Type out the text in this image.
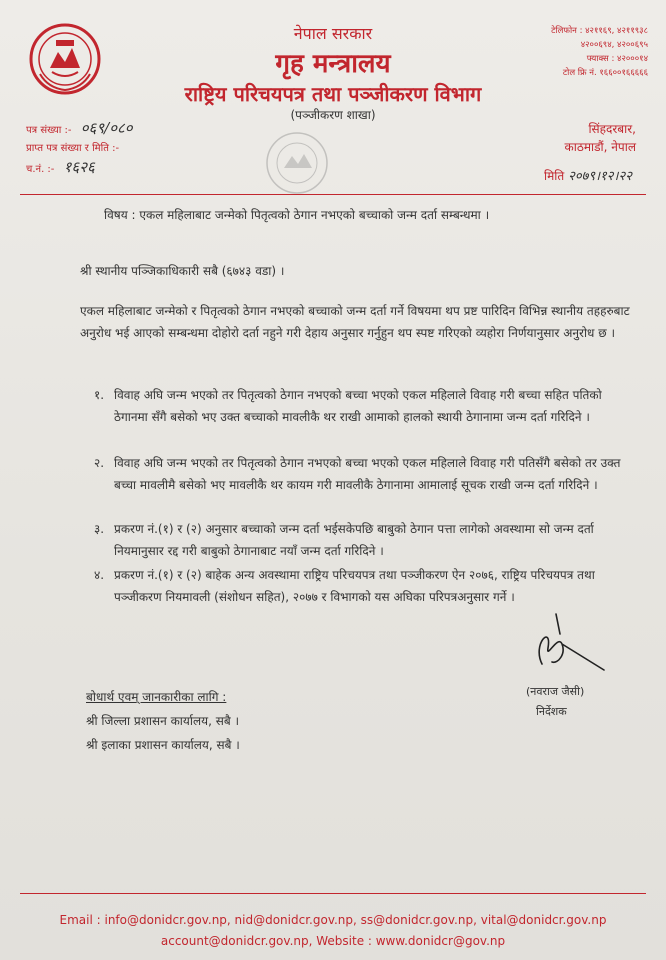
नेपाल सरकार
गृह मन्त्रालय
राष्ट्रिय परिचयपत्र तथा पञ्जीकरण विभाग
(पञ्जीकरण शाखा)
टेलिफोन : ४२११६९, ४२११९३८
४२००६९४, ४२००६९५
फ्याक्स : ४२०००१४
टोल फ्रि नं. १६६००१६६६६६
पत्र संख्या :- ०६९/०८०
प्राप्त पत्र संख्या र मिति :-
च.नं. :- १६२६
सिंहदरबार,
काठमाडौं, नेपाल
मिति २०७९।१२।२२
विषय : एकल महिलाबाट जन्मेको पितृत्वको ठेगान नभएको बच्चाको जन्म दर्ता सम्बन्धमा ।
श्री स्थानीय पञ्जिकाधिकारी सबै (६७४३ वडा) ।
एकल महिलाबाट जन्मेको र पितृत्वको ठेगान नभएको बच्चाको जन्म दर्ता गर्ने विषयमा थप प्रष्ट पारिदिन विभिन्न स्थानीय तहहरुबाट अनुरोध भई आएको सम्बन्धमा दोहोरो दर्ता नहुने गरी देहाय अनुसार गर्नुहुन थप स्पष्ट गरिएको व्यहोरा निर्णयानुसार अनुरोध छ ।
१. विवाह अघि जन्म भएको तर पितृत्वको ठेगान नभएको बच्चा भएको एकल महिलाले विवाह गरी बच्चा सहित पतिको ठेगानमा सँगै बसेको भए उक्त बच्चाको मावलीकै थर राखी आमाको हालको स्थायी ठेगानामा जन्म दर्ता गरिदिने ।
२. विवाह अघि जन्म भएको तर पितृत्वको ठेगान नभएको बच्चा भएको एकल महिलाले विवाह गरी पतिसँगै बसेको तर उक्त बच्चा मावलीमै बसेको भए मावलीकै थर कायम गरी मावलीकै ठेगानामा आमालाई सूचक राखी जन्म दर्ता गरिदिने ।
३. प्रकरण नं.(१) र (२) अनुसार बच्चाको जन्म दर्ता भईसकेपछि बाबुको ठेगान पत्ता लागेको अवस्थामा सो जन्म दर्ता नियमानुसार रद्द गरी बाबुको ठेगानाबाट नयाँ जन्म दर्ता गरिदिने ।
४. प्रकरण नं.(१) र (२) बाहेक अन्य अवस्थामा राष्ट्रिय परिचयपत्र तथा पञ्जीकरण ऐन २०७६, राष्ट्रिय परिचयपत्र तथा पञ्जीकरण नियमावली (संशोधन सहित), २०७७ र विभागको यस अघिका परिपत्रअनुसार गर्ने ।
(नवराज जैसी)
निर्देशक
बोधार्थ एवम् जानकारीका लागि :
श्री जिल्ला प्रशासन कार्यालय, सबै ।
श्री इलाका प्रशासन कार्यालय, सबै ।
Email : info@donidcr.gov.np, nid@donidcr.gov.np, ss@donidcr.gov.np, vital@donidcr.gov.np
account@donidcr.gov.np, Website : www.donidcr@gov.np
